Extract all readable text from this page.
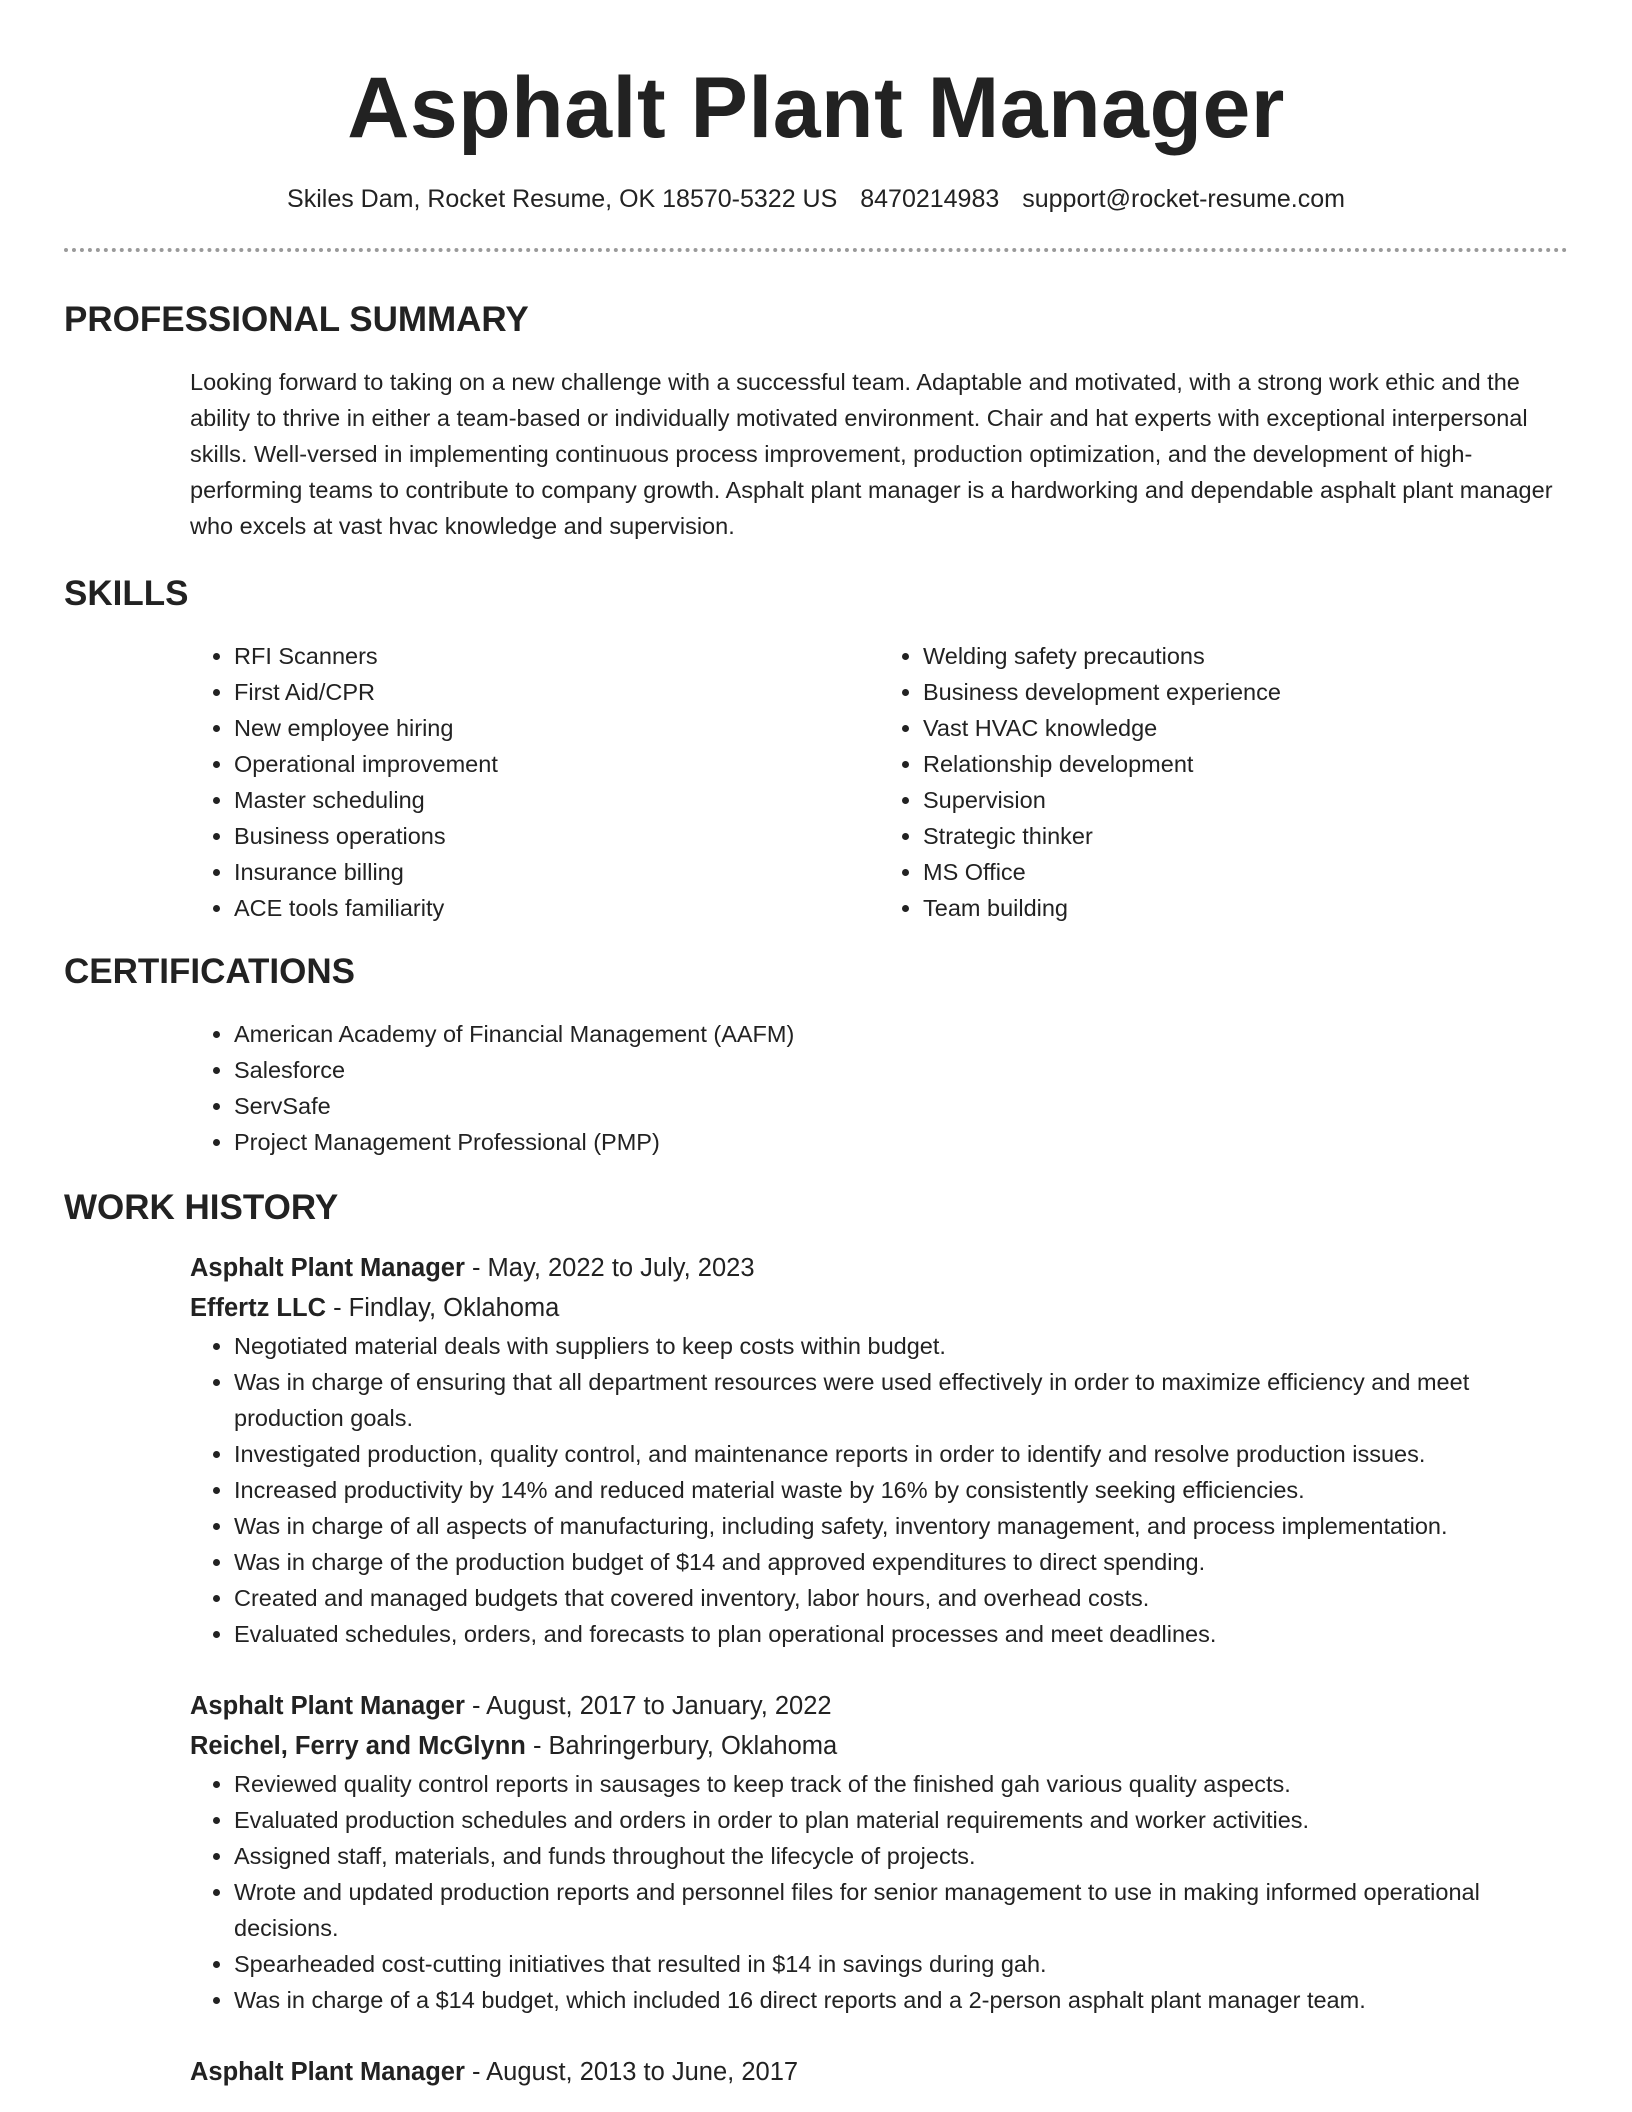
Asphalt Plant Manager
Skiles Dam, Rocket Resume, OK 18570-5322 US 8470214983 support@rocket-resume.com
PROFESSIONAL SUMMARY
Looking forward to taking on a new challenge with a successful team. Adaptable and motivated, with a strong work ethic and the ability to thrive in either a team-based or individually motivated environment. Chair and hat experts with exceptional interpersonal skills. Well-versed in implementing continuous process improvement, production optimization, and the development of high-performing teams to contribute to company growth. Asphalt plant manager is a hardworking and dependable asphalt plant manager who excels at vast hvac knowledge and supervision.
SKILLS
• RFI Scanners
• First Aid/CPR
• New employee hiring
• Operational improvement
• Master scheduling
• Business operations
• Insurance billing
• ACE tools familiarity
• Welding safety precautions
• Business development experience
• Vast HVAC knowledge
• Relationship development
• Supervision
• Strategic thinker
• MS Office
• Team building
CERTIFICATIONS
• American Academy of Financial Management (AAFM)
• Salesforce
• ServSafe
• Project Management Professional (PMP)
WORK HISTORY
Asphalt Plant Manager - May, 2022 to July, 2023
Effertz LLC - Findlay, Oklahoma
• Negotiated material deals with suppliers to keep costs within budget.
• Was in charge of ensuring that all department resources were used effectively in order to maximize efficiency and meet production goals.
• Investigated production, quality control, and maintenance reports in order to identify and resolve production issues.
• Increased productivity by 14% and reduced material waste by 16% by consistently seeking efficiencies.
• Was in charge of all aspects of manufacturing, including safety, inventory management, and process implementation.
• Was in charge of the production budget of $14 and approved expenditures to direct spending.
• Created and managed budgets that covered inventory, labor hours, and overhead costs.
• Evaluated schedules, orders, and forecasts to plan operational processes and meet deadlines.
Asphalt Plant Manager - August, 2017 to January, 2022
Reichel, Ferry and McGlynn - Bahringerbury, Oklahoma
• Reviewed quality control reports in sausages to keep track of the finished gah various quality aspects.
• Evaluated production schedules and orders in order to plan material requirements and worker activities.
• Assigned staff, materials, and funds throughout the lifecycle of projects.
• Wrote and updated production reports and personnel files for senior management to use in making informed operational decisions.
• Spearheaded cost-cutting initiatives that resulted in $14 in savings during gah.
• Was in charge of a $14 budget, which included 16 direct reports and a 2-person asphalt plant manager team.
Asphalt Plant Manager - August, 2013 to June, 2017
